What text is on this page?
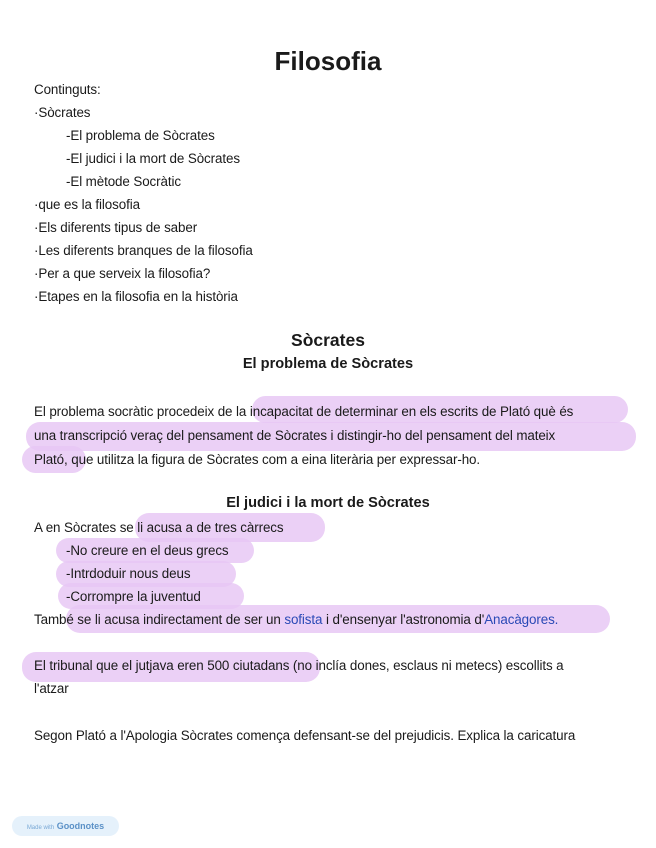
Filosofia
Continguts:
·Sòcrates
-El problema de Sòcrates
-El judici i la mort de Sòcrates
-El mètode Socràtic
·que es la filosofia
·Els diferents tipus de saber
·Les diferents branques de la filosofia
·Per a que serveix la filosofia?
·Etapes en la filosofia en la història
Sòcrates
El problema de Sòcrates
El problema socràtic procedeix de la incapacitat de determinar en els escrits de Plató què és
una transcripció veraç del pensament de Sòcrates i distingir-ho del pensament del mateix
Plató, que utilitza la figura de Sòcrates com a eina literària per expressar-ho.
El judici i la mort de Sòcrates
A en Sòcrates se li acusa a de tres càrrecs
-No creure en el deus grecs
-Intrdoduir nous deus
-Corrompre la juventud
També se li acusa indirectament de ser un sofista i d'ensenyar l'astronomia d'Anacàgores.
El tribunal que el jutjava eren 500 ciutadans (no inclía dones, esclaus ni metecs) escollits a
l'atzar
Segon Plató a l'Apologia Sòcrates comença defensant-se del prejudicis. Explica la caricatura
Made with Goodnotes
